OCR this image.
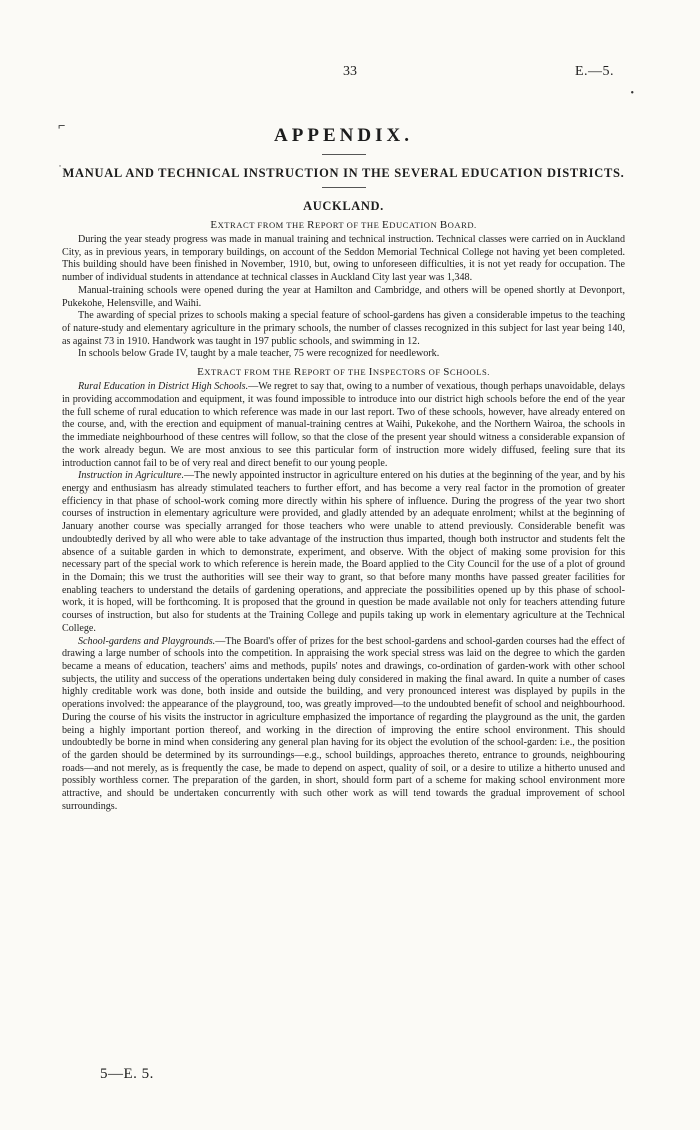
33	E.—5.
•
⌐
˙
APPENDIX.
MANUAL AND TECHNICAL INSTRUCTION IN THE SEVERAL EDUCATION DISTRICTS.
AUCKLAND.
EXTRACT FROM THE REPORT OF THE EDUCATION BOARD.

During the year steady progress was made in manual training and technical instruction. Technical classes were carried on in Auckland City, as in previous years, in temporary buildings, on account of the Seddon Memorial Technical College not having yet been completed. This building should have been finished in November, 1910, but, owing to unforeseen difficulties, it is not yet ready for occupation. The number of individual students in attendance at technical classes in Auckland City last year was 1,348.

Manual-training schools were opened during the year at Hamilton and Cambridge, and others will be opened shortly at Devonport, Pukekohe, Helensville, and Waihi.

The awarding of special prizes to schools making a special feature of school-gardens has given a considerable impetus to the teaching of nature-study and elementary agriculture in the primary schools, the number of classes recognized in this subject for last year being 140, as against 73 in 1910. Handwork was taught in 197 public schools, and swimming in 12.

In schools below Grade IV, taught by a male teacher, 75 were recognized for needlework.

EXTRACT FROM THE REPORT OF THE INSPECTORS OF SCHOOLS.

Rural Education in District High Schools.—We regret to say that, owing to a number of vexatious, though perhaps unavoidable, delays in providing accommodation and equipment, it was found impossible to introduce into our district high schools before the end of the year the full scheme of rural education to which reference was made in our last report. Two of these schools, however, have already entered on the course, and, with the erection and equipment of manual-training centres at Waihi, Pukekohe, and the Northern Wairoa, the schools in the immediate neighbourhood of these centres will follow, so that the close of the present year should witness a considerable expansion of the work already begun. We are most anxious to see this particular form of instruction more widely diffused, feeling sure that its introduction cannot fail to be of very real and direct benefit to our young people.

Instruction in Agriculture.—The newly appointed instructor in agriculture entered on his duties at the beginning of the year, and by his energy and enthusiasm has already stimulated teachers to further effort, and has become a very real factor in the promotion of greater efficiency in that phase of school-work coming more directly within his sphere of influence. During the progress of the year two short courses of instruction in elementary agriculture were provided, and gladly attended by an adequate enrolment; whilst at the beginning of January another course was specially arranged for those teachers who were unable to attend previously. Considerable benefit was undoubtedly derived by all who were able to take advantage of the instruction thus imparted, though both instructor and students felt the absence of a suitable garden in which to demonstrate, experiment, and observe. With the object of making some provision for this necessary part of the special work to which reference is herein made, the Board applied to the City Council for the use of a plot of ground in the Domain; this we trust the authorities will see their way to grant, so that before many months have passed greater facilities for enabling teachers to understand the details of gardening operations, and appreciate the possibilities opened up by this phase of school-work, it is hoped, will be forthcoming. It is proposed that the ground in question be made available not only for teachers attending future courses of instruction, but also for students at the Training College and pupils taking up work in elementary agriculture at the Technical College.

School-gardens and Playgrounds.—The Board's offer of prizes for the best school-gardens and school-garden courses had the effect of drawing a large number of schools into the competition. In appraising the work special stress was laid on the degree to which the garden became a means of education, teachers' aims and methods, pupils' notes and drawings, co-ordination of garden-work with other school subjects, the utility and success of the operations undertaken being duly considered in making the final award. In quite a number of cases highly creditable work was done, both inside and outside the building, and very pronounced interest was displayed by pupils in the operations involved: the appearance of the playground, too, was greatly improved—to the undoubted benefit of school and neighbourhood. During the course of his visits the instructor in agriculture emphasized the importance of regarding the playground as the unit, the garden being a highly important portion thereof, and working in the direction of improving the entire school environment. This should undoubtedly be borne in mind when considering any general plan having for its object the evolution of the school-garden: i.e., the position of the garden should be determined by its surroundings—e.g., school buildings, approaches thereto, entrance to grounds, neighbouring roads—and not merely, as is frequently the case, be made to depend on aspect, quality of soil, or a desire to utilize a hitherto unused and possibly worthless corner. The preparation of the garden, in short, should form part of a scheme for making school environment more attractive, and should be undertaken concurrently with such other work as will tend towards the gradual improvement of school surroundings.

5—E. 5.
